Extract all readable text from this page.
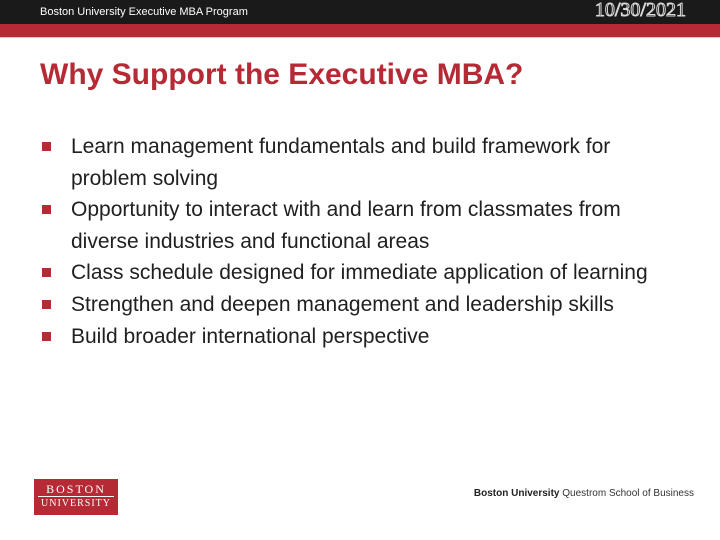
Boston University Executive MBA Program	10/30/2021
Why Support the Executive MBA?
Learn management fundamentals and build framework for problem solving
Opportunity to interact with and learn from classmates from diverse industries and functional areas
Class schedule designed for immediate application of learning
Strengthen and deepen management and leadership skills
Build broader international perspective
BOSTON
UNIVERSITY
Boston University Questrom School of Business
